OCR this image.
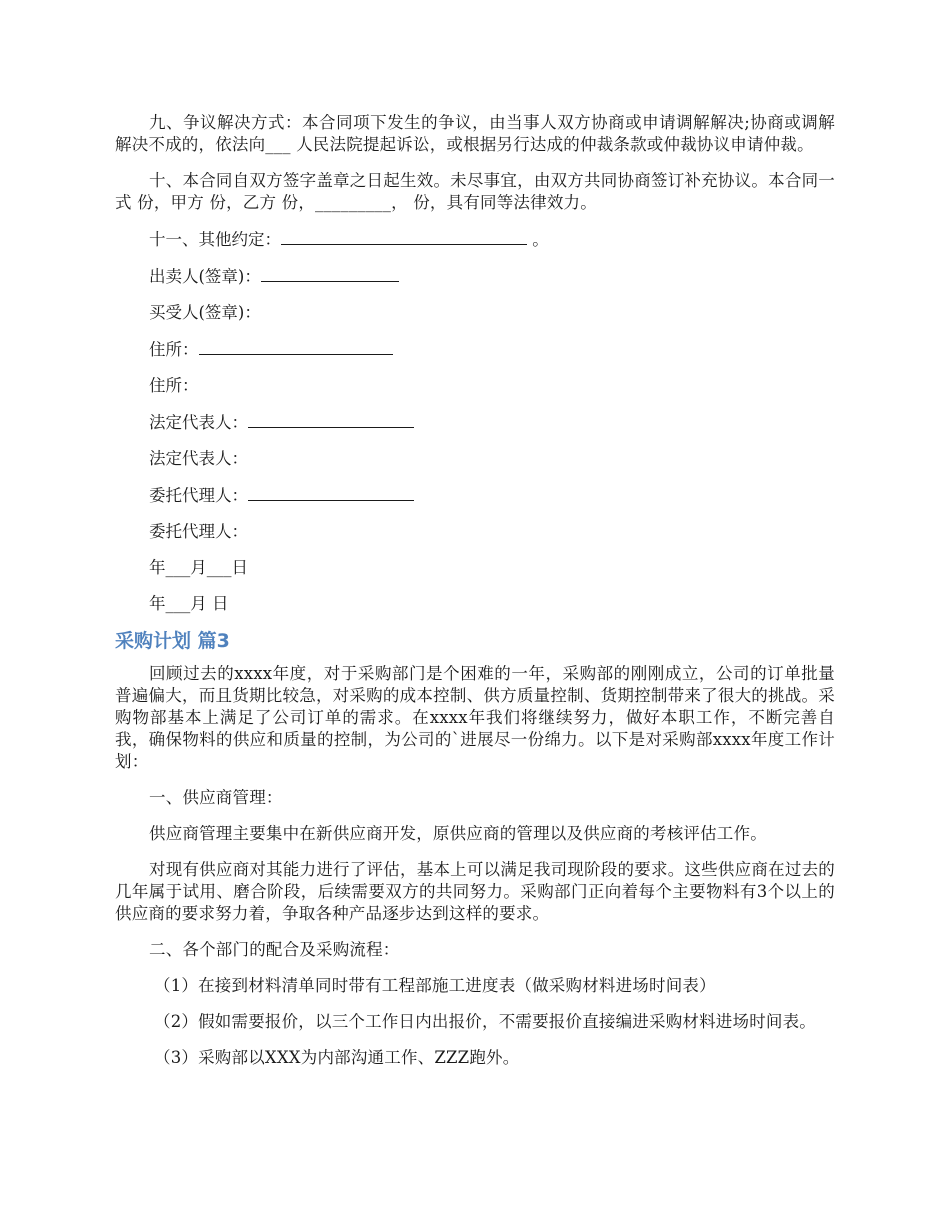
九、争议解决方式：本合同项下发生的争议，由当事人双方协商或申请调解解决;协商或调解解决不成的，依法向___ 人民法院提起诉讼，或根据另行达成的仲裁条款或仲裁协议申请仲裁。

十、本合同自双方签字盖章之日起生效。未尽事宜，由双方共同协商签订补充协议。本合同一式 份，甲方 份，乙方 份，_________， 份，具有同等法律效力。

十一、其他约定：	。
出卖人(签章)：
买受人(签章)：
住所：
住所：
法定代表人：
法定代表人：
委托代理人：
委托代理人：
年___月___日
年___月 日
采购计划 篇3

回顾过去的xxxx年度，对于采购部门是个困难的一年，采购部的刚刚成立，公司的订单批量普遍偏大，而且货期比较急，对采购的成本控制、供方质量控制、货期控制带来了很大的挑战。采购物部基本上满足了公司订单的需求。在xxxx年我们将继续努力，做好本职工作，不断完善自我，确保物料的供应和质量的控制，为公司的`进展尽一份绵力。以下是对采购部xxxx年度工作计划：

一、供应商管理：

供应商管理主要集中在新供应商开发，原供应商的管理以及供应商的考核评估工作。

对现有供应商对其能力进行了评估，基本上可以满足我司现阶段的要求。这些供应商在过去的几年属于试用、磨合阶段，后续需要双方的共同努力。采购部门正向着每个主要物料有3个以上的供应商的要求努力着，争取各种产品逐步达到这样的要求。

二、各个部门的配合及采购流程：

（1）在接到材料清单同时带有工程部施工进度表（做采购材料进场时间表）

（2）假如需要报价，以三个工作日内出报价，不需要报价直接编进采购材料进场时间表。

（3）采购部以XXX为内部沟通工作、ZZZ跑外。
